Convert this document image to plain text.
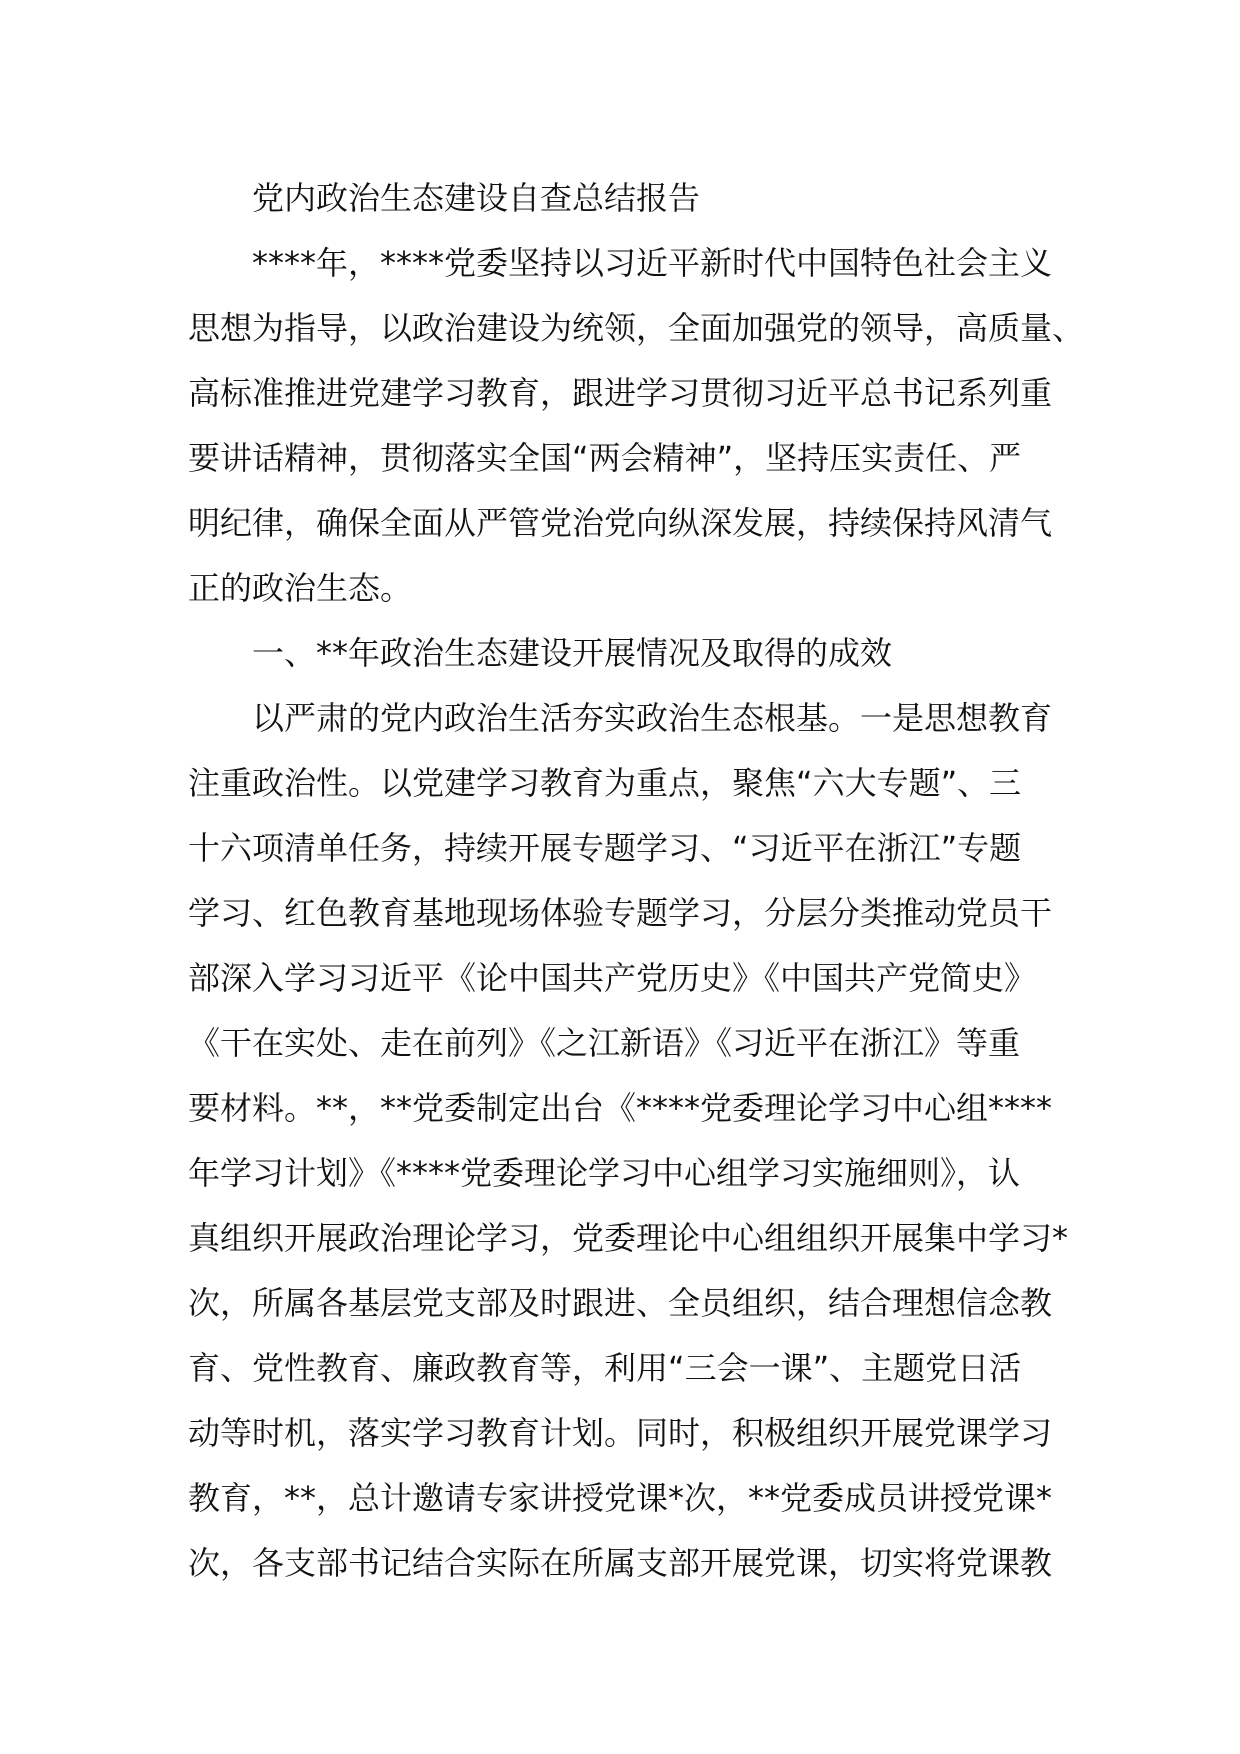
党内政治生态建设自查总结报告
****年，****党委坚持以习近平新时代中国特色社会主义
思想为指导，以政治建设为统领，全面加强党的领导，高质量、
高标准推进党建学习教育，跟进学习贯彻习近平总书记系列重
要讲话精神，贯彻落实全国“两会精神”，坚持压实责任、严
明纪律，确保全面从严管党治党向纵深发展，持续保持风清气
正的政治生态。
一、**年政治生态建设开展情况及取得的成效
以严肃的党内政治生活夯实政治生态根基。一是思想教育
注重政治性。以党建学习教育为重点，聚焦“六大专题”、三
十六项清单任务，持续开展专题学习、“习近平在浙江”专题
学习、红色教育基地现场体验专题学习，分层分类推动党员干
部深入学习习近平《论中国共产党历史》《中国共产党简史》
《干在实处、走在前列》《之江新语》《习近平在浙江》等重
要材料。**，**党委制定出台《****党委理论学习中心组****
年学习计划》《****党委理论学习中心组学习实施细则》，认
真组织开展政治理论学习，党委理论中心组组织开展集中学习*
次，所属各基层党支部及时跟进、全员组织，结合理想信念教
育、党性教育、廉政教育等，利用“三会一课”、主题党日活
动等时机，落实学习教育计划。同时，积极组织开展党课学习
教育，**，总计邀请专家讲授党课*次，**党委成员讲授党课*
次，各支部书记结合实际在所属支部开展党课，切实将党课教
